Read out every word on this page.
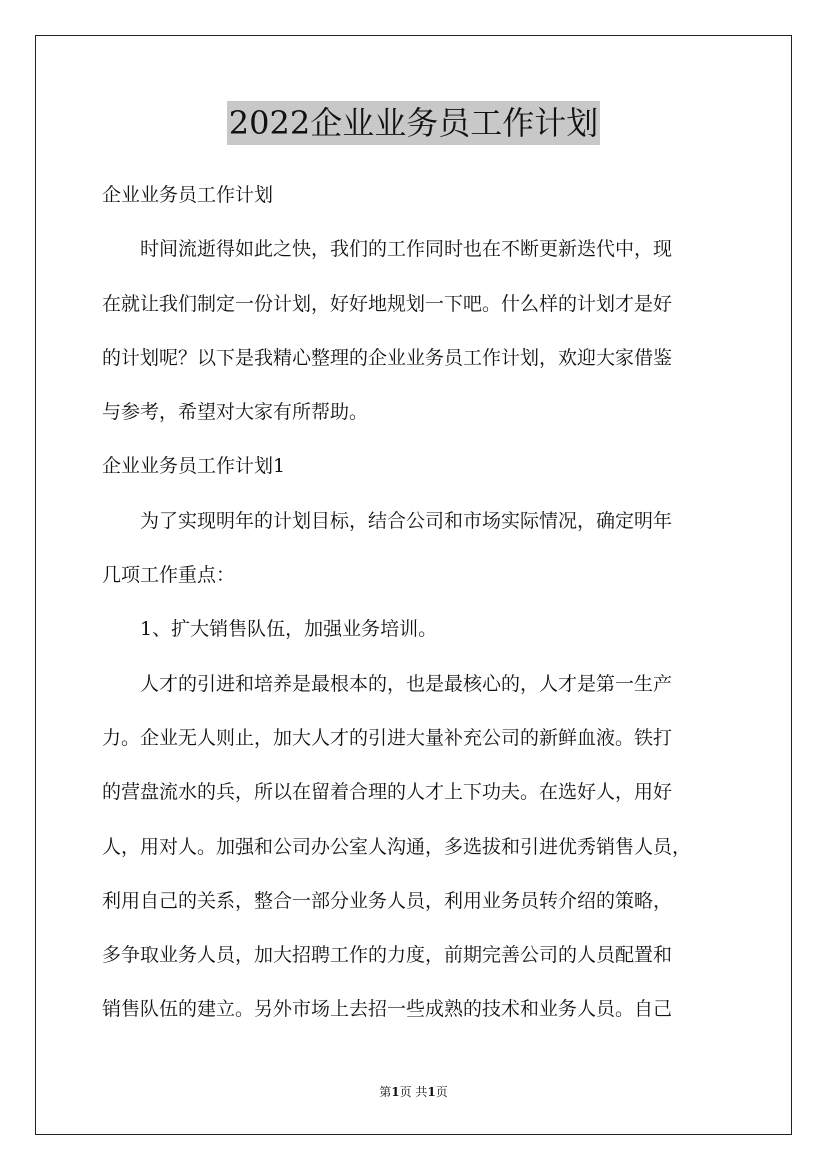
2022企业业务员工作计划
企业业务员工作计划
时间流逝得如此之快，我们的工作同时也在不断更新迭代中，现
在就让我们制定一份计划，好好地规划一下吧。什么样的计划才是好
的计划呢？以下是我精心整理的企业业务员工作计划，欢迎大家借鉴
与参考，希望对大家有所帮助。
企业业务员工作计划1
为了实现明年的计划目标，结合公司和市场实际情况，确定明年
几项工作重点：
1、扩大销售队伍，加强业务培训。
人才的引进和培养是最根本的，也是最核心的，人才是第一生产
力。企业无人则止，加大人才的引进大量补充公司的新鲜血液。铁打
的营盘流水的兵，所以在留着合理的人才上下功夫。在选好人，用好
人，用对人。加强和公司办公室人沟通，多选拔和引进优秀销售人员，
利用自己的关系，整合一部分业务人员，利用业务员转介绍的策略，
多争取业务人员，加大招聘工作的力度，前期完善公司的人员配置和
销售队伍的建立。另外市场上去招一些成熟的技术和业务人员。自己
第1页 共1页
